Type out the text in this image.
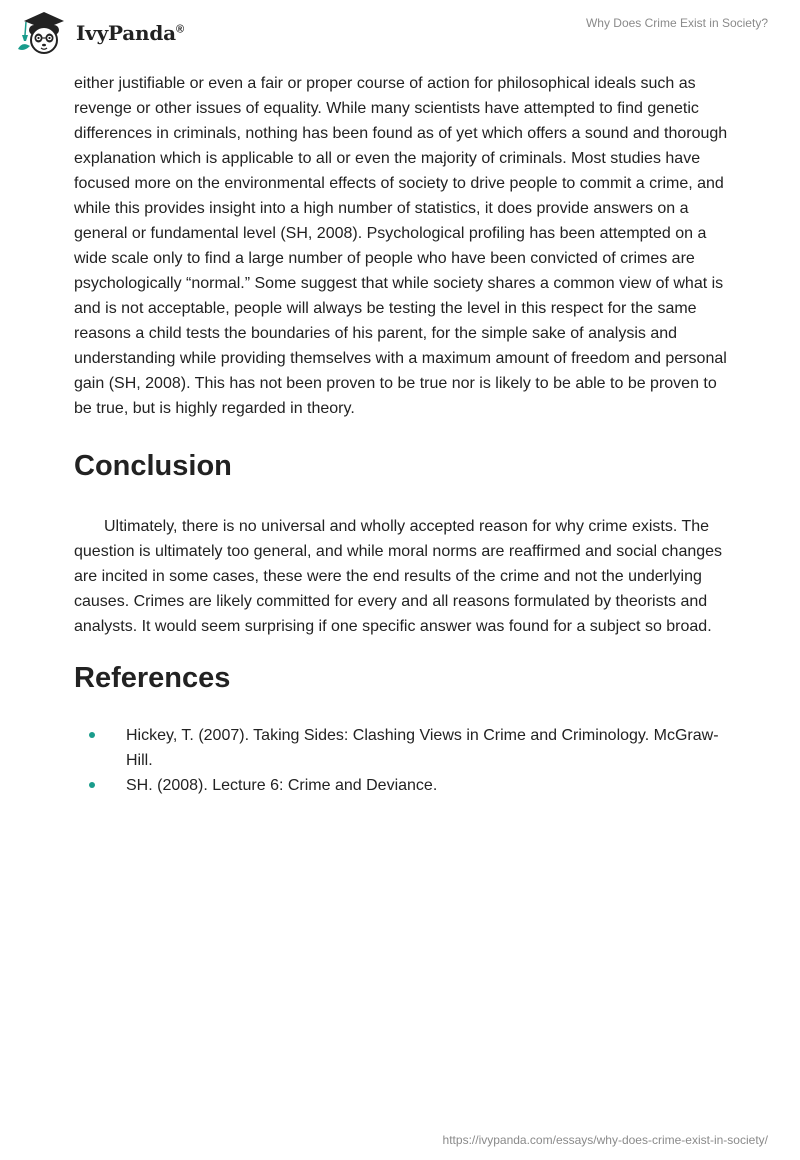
IvyPanda®	Why Does Crime Exist in Society?

either justifiable or even a fair or proper course of action for philosophical ideals such as revenge or other issues of equality. While many scientists have attempted to find genetic differences in criminals, nothing has been found as of yet which offers a sound and thorough explanation which is applicable to all or even the majority of criminals. Most studies have focused more on the environmental effects of society to drive people to commit a crime, and while this provides insight into a high number of statistics, it does provide answers on a general or fundamental level (SH, 2008). Psychological profiling has been attempted on a wide scale only to find a large number of people who have been convicted of crimes are psychologically “normal.” Some suggest that while society shares a common view of what is and is not acceptable, people will always be testing the level in this respect for the same reasons a child tests the boundaries of his parent, for the simple sake of analysis and understanding while providing themselves with a maximum amount of freedom and personal gain (SH, 2008). This has not been proven to be true nor is likely to be able to be proven to be true, but is highly regarded in theory.

Conclusion

Ultimately, there is no universal and wholly accepted reason for why crime exists. The question is ultimately too general, and while moral norms are reaffirmed and social changes are incited in some cases, these were the end results of the crime and not the underlying causes. Crimes are likely committed for every and all reasons formulated by theorists and analysts. It would seem surprising if one specific answer was found for a subject so broad.

References
Hickey, T. (2007). Taking Sides: Clashing Views in Crime and Criminology. McGraw-Hill.
SH. (2008). Lecture 6: Crime and Deviance.
https://ivypanda.com/essays/why-does-crime-exist-in-society/
